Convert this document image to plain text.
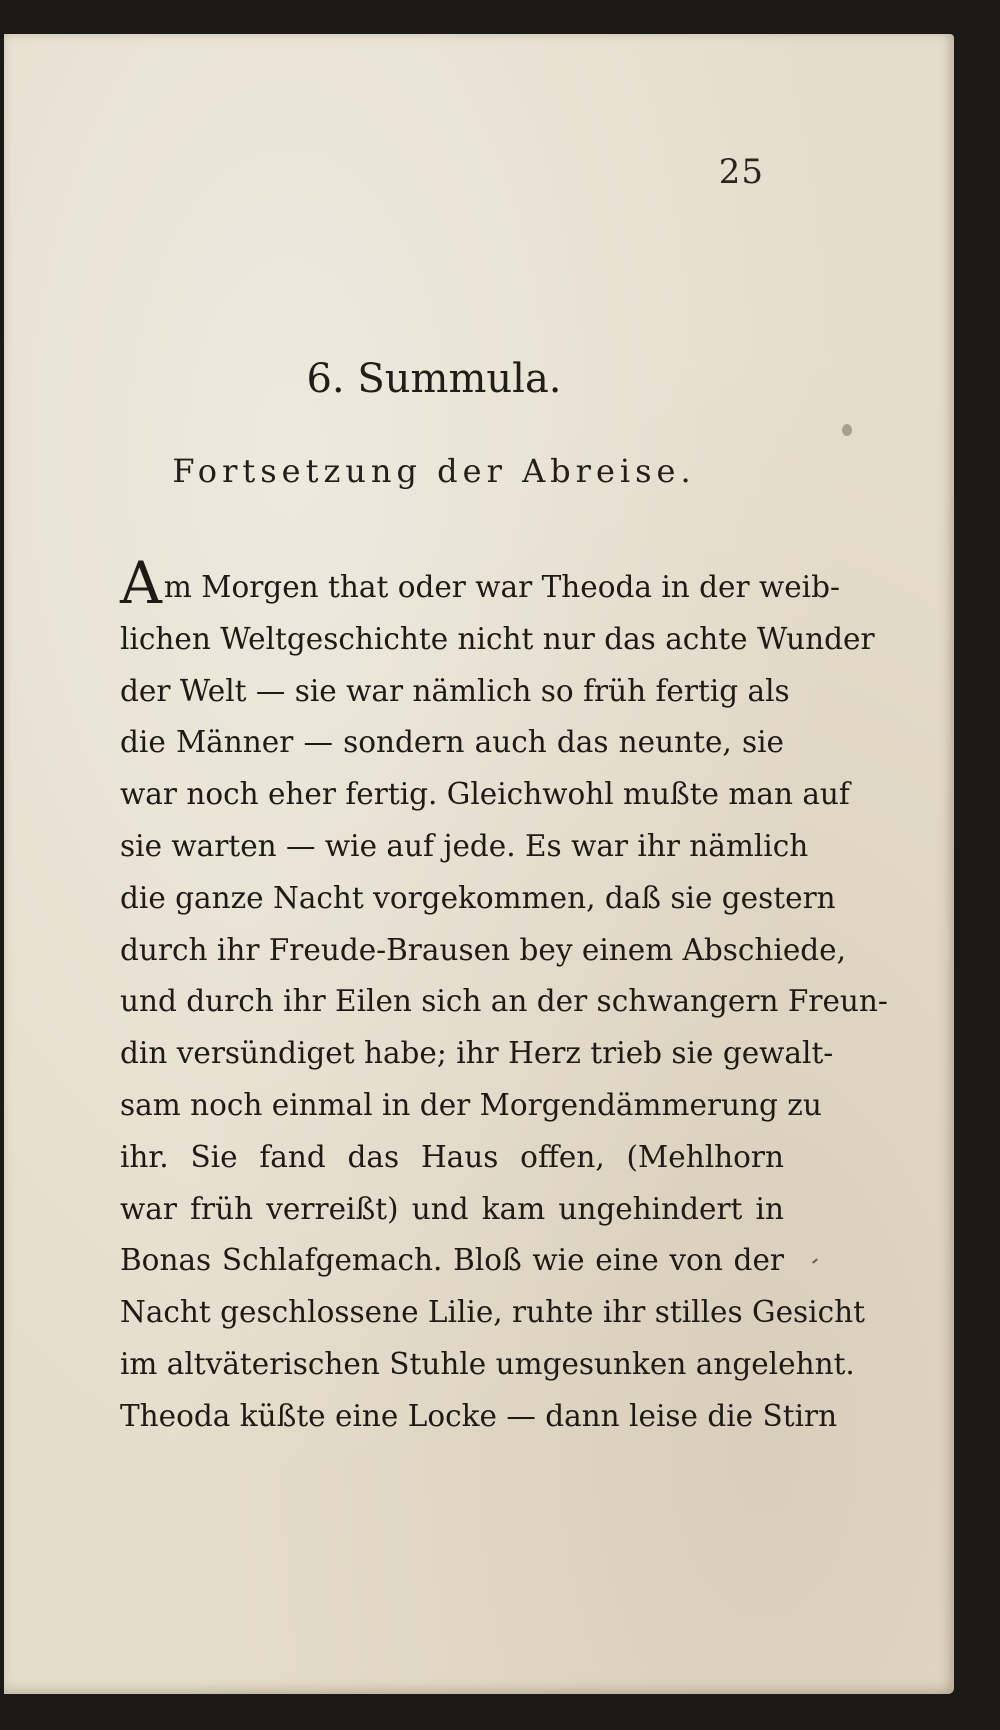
25
6. Summula.
Fortsetzung der Abreise.
Am Morgen that oder war Theoda in der weib-
lichen Weltgeschichte nicht nur das achte Wunder
der Welt — sie war nämlich so früh fertig als
die Männer — sondern auch das neunte, sie
war noch eher fertig. Gleichwohl mußte man auf
sie warten — wie auf jede. Es war ihr nämlich
die ganze Nacht vorgekommen, daß sie gestern
durch ihr Freude-Brausen bey einem Abschiede,
und durch ihr Eilen sich an der schwangern Freun-
din versündiget habe; ihr Herz trieb sie gewalt-
sam noch einmal in der Morgendämmerung zu
ihr. Sie fand das Haus offen, (Mehlhorn
war früh verreißt) und kam ungehindert in
Bonas Schlafgemach. Bloß wie eine von der
Nacht geschlossene Lilie, ruhte ihr stilles Gesicht
im altväterischen Stuhle umgesunken angelehnt.
Theoda küßte eine Locke — dann leise die Stirn
